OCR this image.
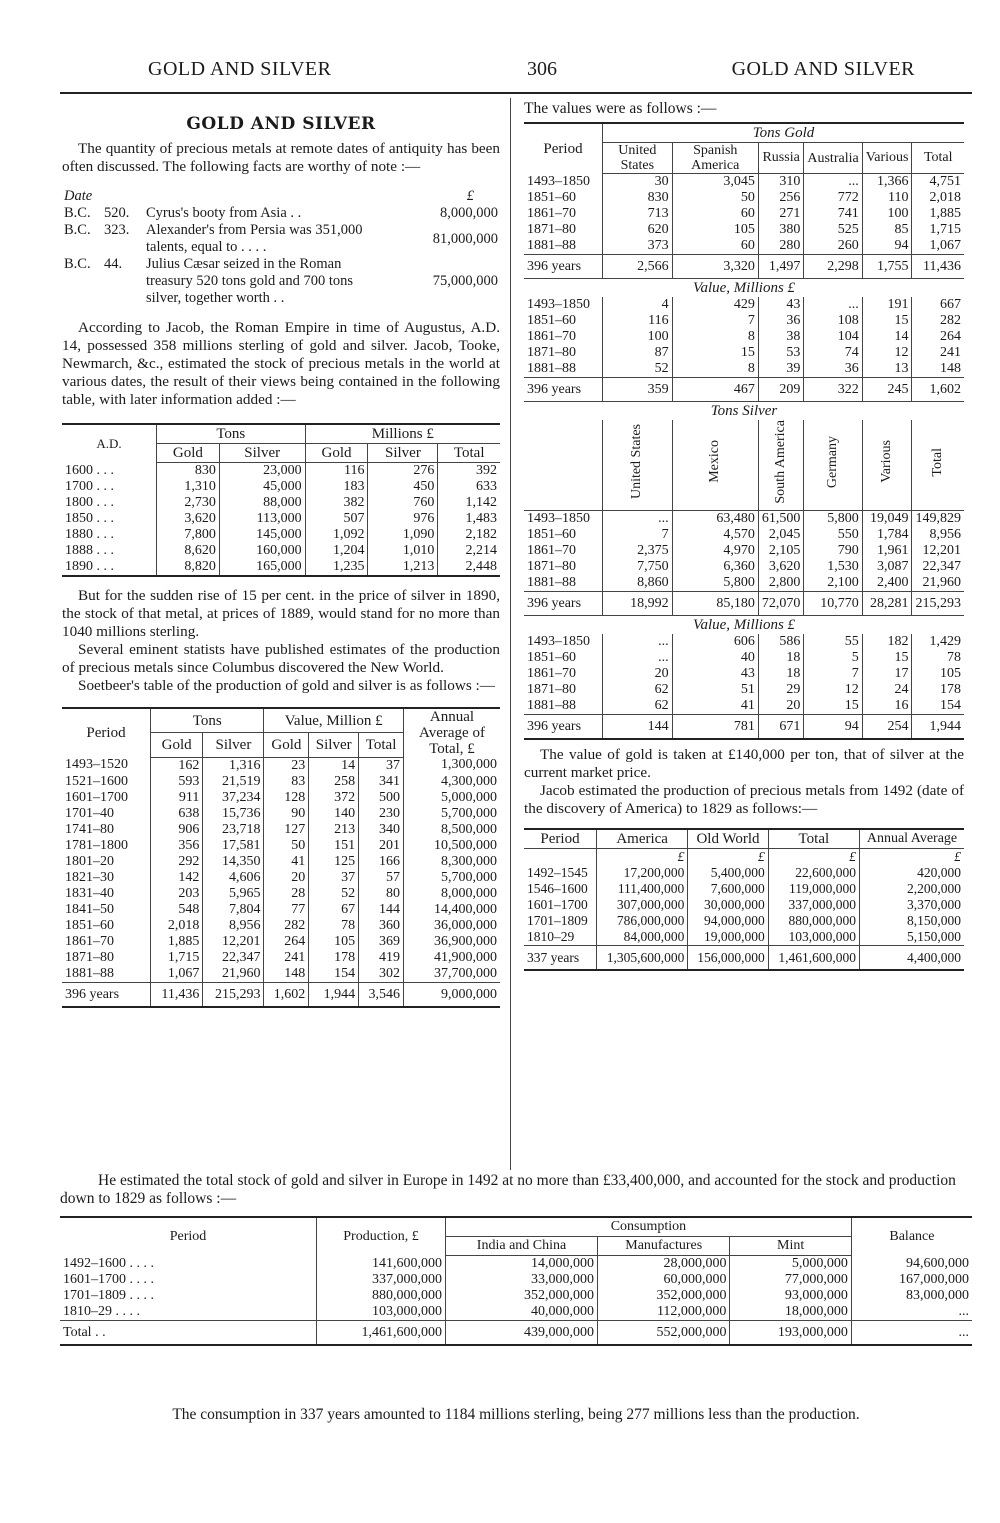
GOLD AND SILVER	306	GOLD AND SILVER
GOLD AND SILVER

The quantity of precious metals at remote dates of antiquity has been often discussed. The following facts are worthy of note :—

Date			£
B.C.	520.	Cyrus's booty from Asia . .	8,000,000
B.C.	323.	Alexander's from Persia was 351,000 talents, equal to . . . .	81,000,000
B.C.	44.	Julius Cæsar seized in the Roman treasury 520 tons gold and 700 tons silver, together worth . .	75,000,000

According to Jacob, the Roman Empire in time of Augustus, A.D. 14, possessed 358 millions sterling of gold and silver. Jacob, Tooke, Newmarch, &c., estimated the stock of precious metals in the world at various dates, the result of their views being contained in the following table, with later information added :—

A.D.	Tons		Millions £		
	Gold	Silver	Gold	Silver	Total
1600 . . .	830	23,000	116	276	392
1700 . . .	1,310	45,000	183	450	633
1800 . . .	2,730	88,000	382	760	1,142
1850 . . .	3,620	113,000	507	976	1,483
1880 . . .	7,800	145,000	1,092	1,090	2,182
1888 . . .	8,620	160,000	1,204	1,010	2,214
1890 . . .	8,820	165,000	1,235	1,213	2,448

But for the sudden rise of 15 per cent. in the price of silver in 1890, the stock of that metal, at prices of 1889, would stand for no more than 1040 millions sterling.

Several eminent statists have published estimates of the production of precious metals since Columbus discovered the New World.

Soetbeer's table of the production of gold and silver is as follows :—

Period	Tons		Value, Million £			Annual Average of Total, £
	Gold	Silver	Gold	Silver	Total	
1493–1520	162	1,316	23	14	37	1,300,000
1521–1600	593	21,519	83	258	341	4,300,000
1601–1700	911	37,234	128	372	500	5,000,000
1701–40	638	15,736	90	140	230	5,700,000
1741–80	906	23,718	127	213	340	8,500,000
1781–1800	356	17,581	50	151	201	10,500,000
1801–20	292	14,350	41	125	166	8,300,000
1821–30	142	4,606	20	37	57	5,700,000
1831–40	203	5,965	28	52	80	8,000,000
1841–50	548	7,804	77	67	144	14,400,000
1851–60	2,018	8,956	282	78	360	36,000,000
1861–70	1,885	12,201	264	105	369	36,900,000
1871–80	1,715	22,347	241	178	419	41,900,000
1881–88	1,067	21,960	148	154	302	37,700,000
396 years	11,436	215,293	1,602	1,944	3,546	9,000,000

The values were as follows :—

Period	Tons Gold					
	United States	Spanish America	Russia	Australia	Various	Total
1493–1850	30	3,045	310	...	1,366	4,751
1851–60	830	50	256	772	110	2,018
1861–70	713	60	271	741	100	1,885
1871–80	620	105	380	525	85	1,715
1881–88	373	60	280	260	94	1,067
396 years	2,566	3,320	1,497	2,298	1,755	11,436
Value, Millions £						
1493–1850	4	429	43	...	191	667
1851–60	116	7	36	108	15	282
1861–70	100	8	38	104	14	264
1871–80	87	15	53	74	12	241
1881–88	52	8	39	36	13	148
396 years	359	467	209	322	245	1,602
Tons Silver						
	United States	Mexico	South America	Germany	Various	Total
1493–1850	...	63,480	61,500	5,800	19,049	149,829
1851–60	7	4,570	2,045	550	1,784	8,956
1861–70	2,375	4,970	2,105	790	1,961	12,201
1871–80	7,750	6,360	3,620	1,530	3,087	22,347
1881–88	8,860	5,800	2,800	2,100	2,400	21,960
396 years	18,992	85,180	72,070	10,770	28,281	215,293
Value, Millions £						
1493–1850	...	606	586	55	182	1,429
1851–60	...	40	18	5	15	78
1861–70	20	43	18	7	17	105
1871–80	62	51	29	12	24	178
1881–88	62	41	20	15	16	154
396 years	144	781	671	94	254	1,944

The value of gold is taken at £140,000 per ton, that of silver at the current market price.

Jacob estimated the production of precious metals from 1492 (date of the discovery of America) to 1829 as follows:—

Period	America	Old World	Total	Annual Average
	£	£	£	£
1492–1545	17,200,000	5,400,000	22,600,000	420,000
1546–1600	111,400,000	7,600,000	119,000,000	2,200,000
1601–1700	307,000,000	30,000,000	337,000,000	3,370,000
1701–1809	786,000,000	94,000,000	880,000,000	8,150,000
1810–29	84,000,000	19,000,000	103,000,000	5,150,000
337 years	1,305,600,000	156,000,000	1,461,600,000	4,400,000

He estimated the total stock of gold and silver in Europe in 1492 at no more than £33,400,000, and accounted for the stock and production down to 1829 as follows :—

Period	Production, £	Consumption			Balance
		India and China	Manufactures	Mint	
1492–1600 . . . .	141,600,000	14,000,000	28,000,000	5,000,000	94,600,000
1601–1700 . . . .	337,000,000	33,000,000	60,000,000	77,000,000	167,000,000
1701–1809 . . . .	880,000,000	352,000,000	352,000,000	93,000,000	83,000,000
1810–29 . . . .	103,000,000	40,000,000	112,000,000	18,000,000	...
Total . .	1,461,600,000	439,000,000	552,000,000	193,000,000	...
The consumption in 337 years amounted to 1184 millions sterling, being 277 millions less than the production.
